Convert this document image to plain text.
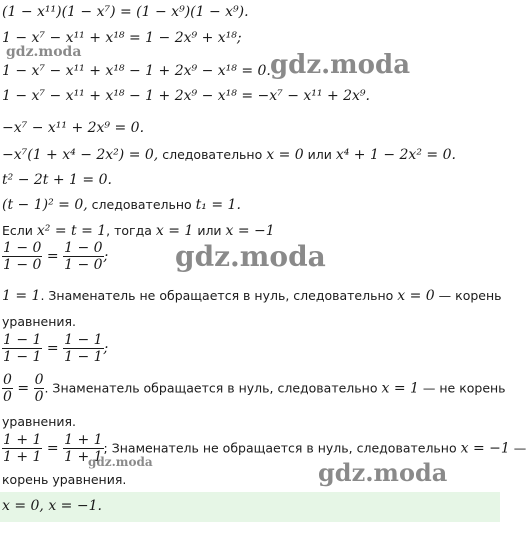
(1 − x¹¹)(1 − x⁷) = (1 − x⁹)(1 − x⁹).
1 − x⁷ − x¹¹ + x¹⁸ = 1 − 2x⁹ + x¹⁸;
1 − x⁷ − x¹¹ + x¹⁸ − 1 + 2x⁹ − x¹⁸ = 0.
1 − x⁷ − x¹¹ + x¹⁸ − 1 + 2x⁹ − x¹⁸ = −x⁷ − x¹¹ + 2x⁹.
−x⁷ − x¹¹ + 2x⁹ = 0.
−x⁷(1 + x⁴ − 2x²) = 0, следовательно x = 0 или x⁴ + 1 − 2x² = 0.
t² − 2t + 1 = 0.
(t − 1)² = 0, следовательно t₁ = 1.
Если x² = t = 1, тогда x = 1 или x = −1
$\frac{1 - 0}{1 - 0} = \frac{1 - 0}{1 - 0}$ ;
1 = 1. Знаменатель не обращается в нуль, следовательно x = 0 — корень
уравнения.
$\frac{1 - 1}{1 - 1} = \frac{1 - 1}{1 - 1}$ ;
$\frac{0}{0} = \frac{0}{0}$ . Знаменатель обращается в нуль, следовательно x = 1 — не корень
уравнения.
$\frac{1 + 1}{1 + 1} = \frac{1 + 1}{1 + 1}$ ; Знаменатель не обращается в нуль, следовательно x = −1 —
корень уравнения.
x = 0, x = −1.
gdz.moda	gdz.moda
gdz.moda
gdz.moda	gdz.moda
